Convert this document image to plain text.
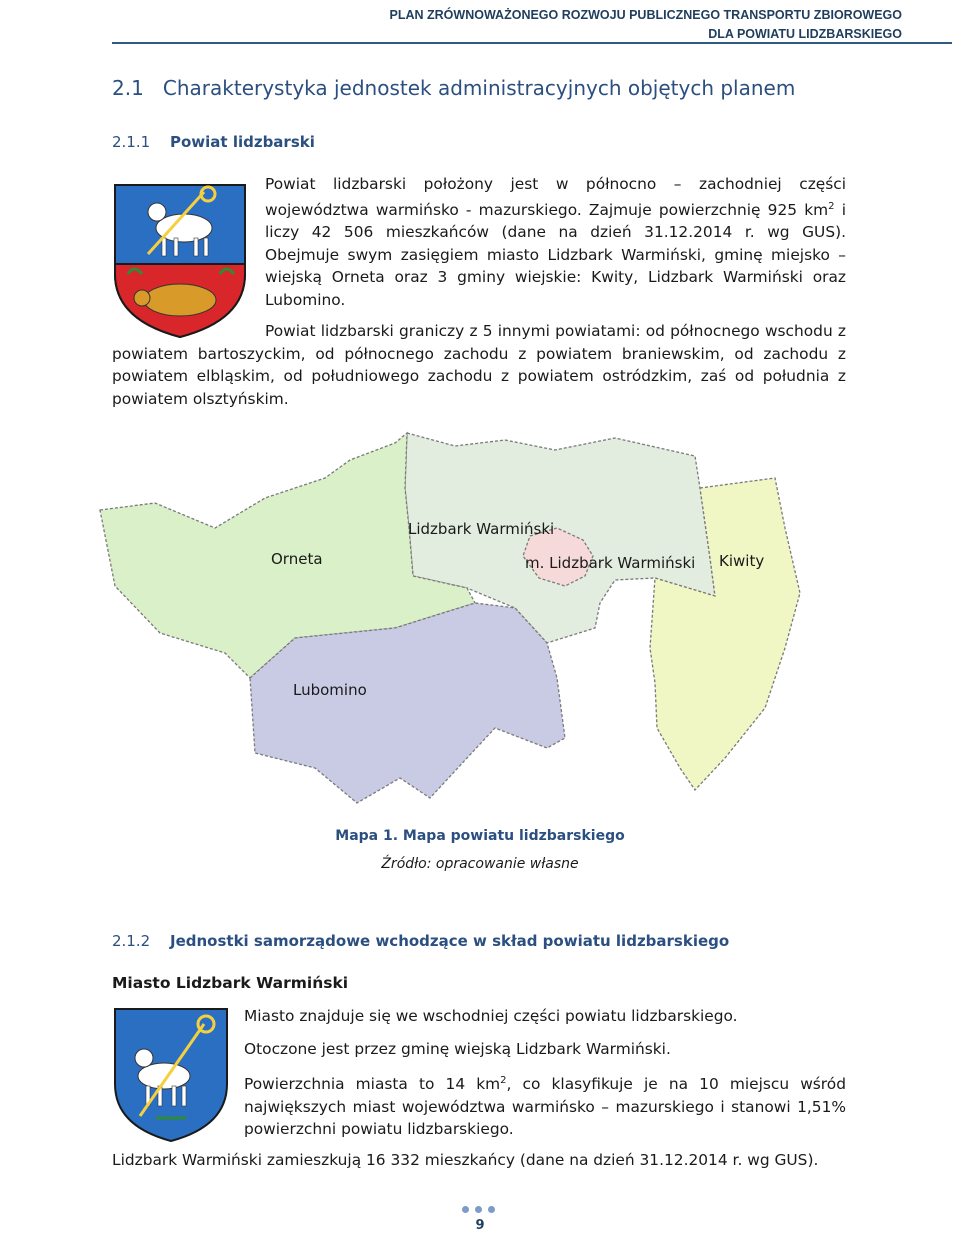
PLAN ZRÓWNOWAŻONEGO ROZWOJU PUBLICZNEGO TRANSPORTU ZBIOROWEGO
DLA POWIATU LIDZBARSKIEGO
2.1 Charakterystyka jednostek administracyjnych objętych planem
2.1.1 Powiat lidzbarski
Powiat lidzbarski położony jest w północno – zachodniej części województwa warmińsko - mazurskiego. Zajmuje powierzchnię 925 $km^2$ i liczy 42 506 mieszkańców (dane na dzień 31.12.2014 r. wg GUS). Obejmuje swym zasięgiem miasto Lidzbark Warmiński, gminę miejsko – wiejską Orneta oraz 3 gminy wiejskie: Kwity, Lidzbark Warmiński oraz Lubomino.
Powiat lidzbarski graniczy z 5 innymi powiatami: od północnego wschodu z powiatem bartoszyckim, od północnego zachodu z powiatem braniewskim, od zachodu z powiatem elbląskim, od południowego zachodu z powiatem ostródzkim, zaś od południa z powiatem olsztyńskim.
Lidzbark Warmiński
Orneta	m. Lidzbark Warmiński Kiwity
Lubomino
Mapa 1. Mapa powiatu lidzbarskiego
Źródło: opracowanie własne
2.1.2 Jednostki samorządowe wchodzące w skład powiatu lidzbarskiego
Miasto Lidzbark Warmiński
Miasto znajduje się we wschodniej części powiatu lidzbarskiego.
Otoczone jest przez gminę wiejską Lidzbark Warmiński.
Powierzchnia miasta to 14 $km^2$, co klasyfikuje je na 10 miejscu wśród największych miast województwa warmińsko – mazurskiego i stanowi 1,51% powierzchni powiatu lidzbarskiego.
Lidzbark Warmiński zamieszkują 16 332 mieszkańcy (dane na dzień 31.12.2014 r. wg GUS).
9
